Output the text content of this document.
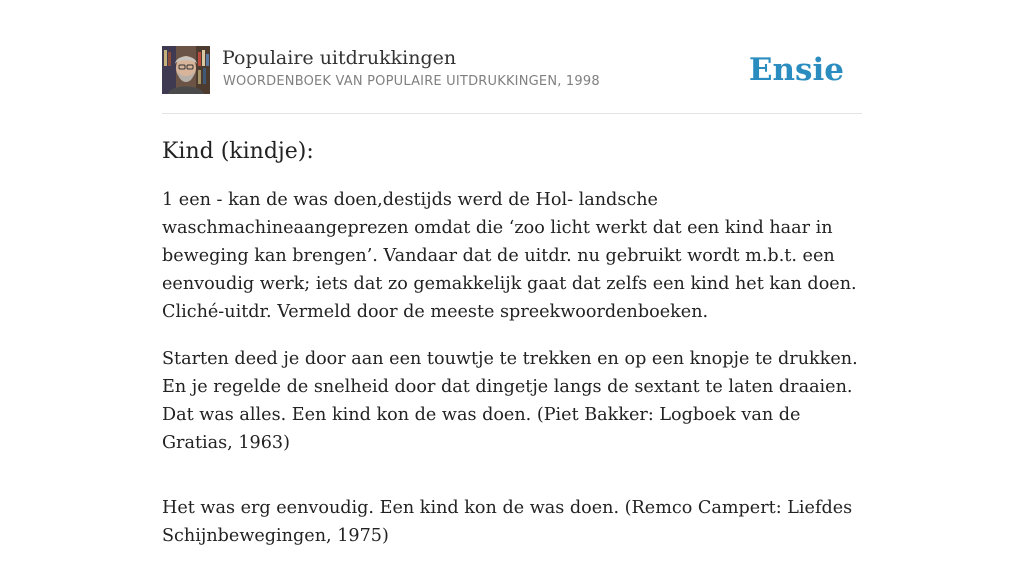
Populaire uitdrukkingen
WOORDENBOEK VAN POPULAIRE UITDRUKKINGEN, 1998	Ensie
Kind (kindje):

1 een - kan de was doen,destijds werd de Hol- landsche waschmachineaangeprezen omdat die ‘zoo licht werkt dat een kind haar in beweging kan brengen’. Vandaar dat de uitdr. nu gebruikt wordt m.b.t. een eenvoudig werk; iets dat zo gemakkelijk gaat dat zelfs een kind het kan doen. Cliché-uitdr. Vermeld door de meeste spreekwoordenboeken.

Starten deed je door aan een touwtje te trekken en op een knopje te drukken. En je regelde de snelheid door dat dingetje langs de sextant te laten draaien. Dat was alles. Een kind kon de was doen. (Piet Bakker: Logboek van de Gratias, 1963)

Het was erg eenvoudig. Een kind kon de was doen. (Remco Campert: Liefdes Schijnbewegingen, 1975)
